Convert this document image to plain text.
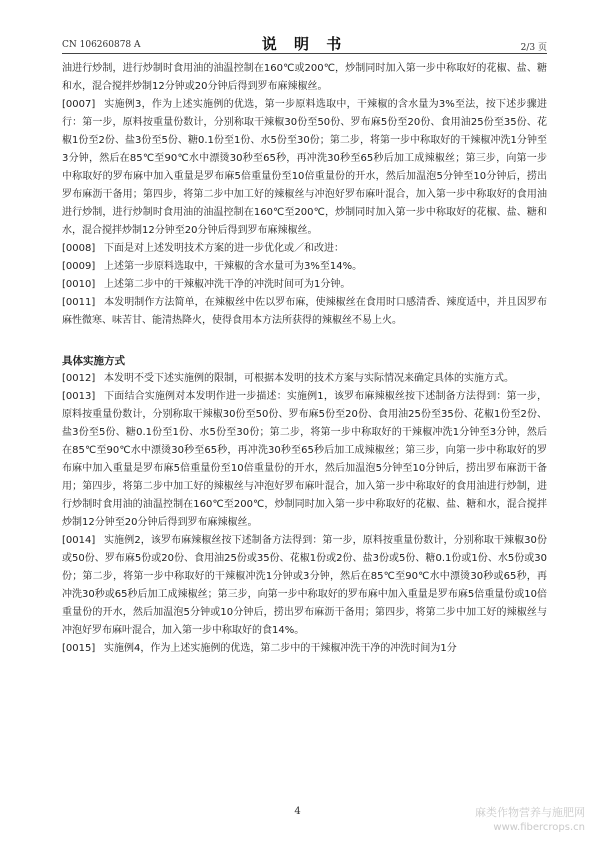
CN 106260878 A	说 明 书	2/3 页

油进行炒制，进行炒制时食用油的油温控制在160℃或200℃，炒制同时加入第一步中称取好的花椒、盐、糖和水，混合搅拌炒制12分钟或20分钟后得到罗布麻辣椒丝。

[0007] 实施例3，作为上述实施例的优选，第一步原料选取中，干辣椒的含水量为3%至法，按下述步骤进行：第一步，原料按重量份数计，分别称取干辣椒30份至50份、罗布麻5份至20份、食用油25份至35份、花椒1份至2份、盐3份至5份、糖0.1份至1份、水5份至30份；第二步，将第一步中称取好的干辣椒冲洗1分钟至3分钟，然后在85℃至90℃水中漂烫30秒至65秒，再冲洗30秒至65秒后加工成辣椒丝；第三步，向第一步中称取好的罗布麻中加入重量是罗布麻5倍重量份至10倍重量份的开水，然后加温泡5分钟至10分钟后，捞出罗布麻沥干备用；第四步，将第二步中加工好的辣椒丝与冲泡好罗布麻叶混合，加入第一步中称取好的食用油进行炒制，进行炒制时食用油的油温控制在160℃至200℃，炒制同时加入第一步中称取好的花椒、盐、糖和水，混合搅拌炒制12分钟至20分钟后得到罗布麻辣椒丝。

[0008] 下面是对上述发明技术方案的进一步优化或／和改进：

[0009] 上述第一步原料选取中，干辣椒的含水量可为3%至14%。

[0010] 上述第二步中的干辣椒冲洗干净的冲洗时间可为1分钟。

[0011] 本发明制作方法简单，在辣椒丝中佐以罗布麻，使辣椒丝在食用时口感清香、辣度适中，并且因罗布麻性微寒、味苦甘、能清热降火，使得食用本方法所获得的辣椒丝不易上火。

具体实施方式

[0012] 本发明不受下述实施例的限制，可根据本发明的技术方案与实际情况来确定具体的实施方式。

[0013] 下面结合实施例对本发明作进一步描述：实施例1，该罗布麻辣椒丝按下述制备方法得到：第一步，原料按重量份数计，分别称取干辣椒30份至50份、罗布麻5份至20份、食用油25份至35份、花椒1份至2份、盐3份至5份、糖0.1份至1份、水5份至30份；第二步，将第一步中称取好的干辣椒冲洗1分钟至3分钟，然后在85℃至90℃水中漂烫30秒至65秒，再冲洗30秒至65秒后加工成辣椒丝；第三步，向第一步中称取好的罗布麻中加入重量是罗布麻5倍重量份至10倍重量份的开水，然后加温泡5分钟至10分钟后，捞出罗布麻沥干备用；第四步，将第二步中加工好的辣椒丝与冲泡好罗布麻叶混合，加入第一步中称取好的食用油进行炒制，进行炒制时食用油的油温控制在160℃至200℃，炒制同时加入第一步中称取好的花椒、盐、糖和水，混合搅拌炒制12分钟至20分钟后得到罗布麻辣椒丝。

[0014] 实施例2，该罗布麻辣椒丝按下述制备方法得到：第一步，原料按重量份数计，分别称取干辣椒30份或50份、罗布麻5份或20份、食用油25份或35份、花椒1份或2份、盐3份或5份、糖0.1份或1份、水5份或30份；第二步，将第一步中称取好的干辣椒冲洗1分钟或3分钟，然后在85℃至90℃水中漂烫30秒或65秒，再冲洗30秒或65秒后加工成辣椒丝；第三步，向第一步中称取好的罗布麻中加入重量是罗布麻5倍重量份或10倍重量份的开水，然后加温泡5分钟或10分钟后，捞出罗布麻沥干备用；第四步，将第二步中加工好的辣椒丝与冲泡好罗布麻叶混合，加入第一步中称取好的食14%。

[0015] 实施例4，作为上述实施例的优选，第二步中的干辣椒冲洗干净的冲洗时间为1分

4	麻类作物营养与施肥网
www.fibercrops.cn
